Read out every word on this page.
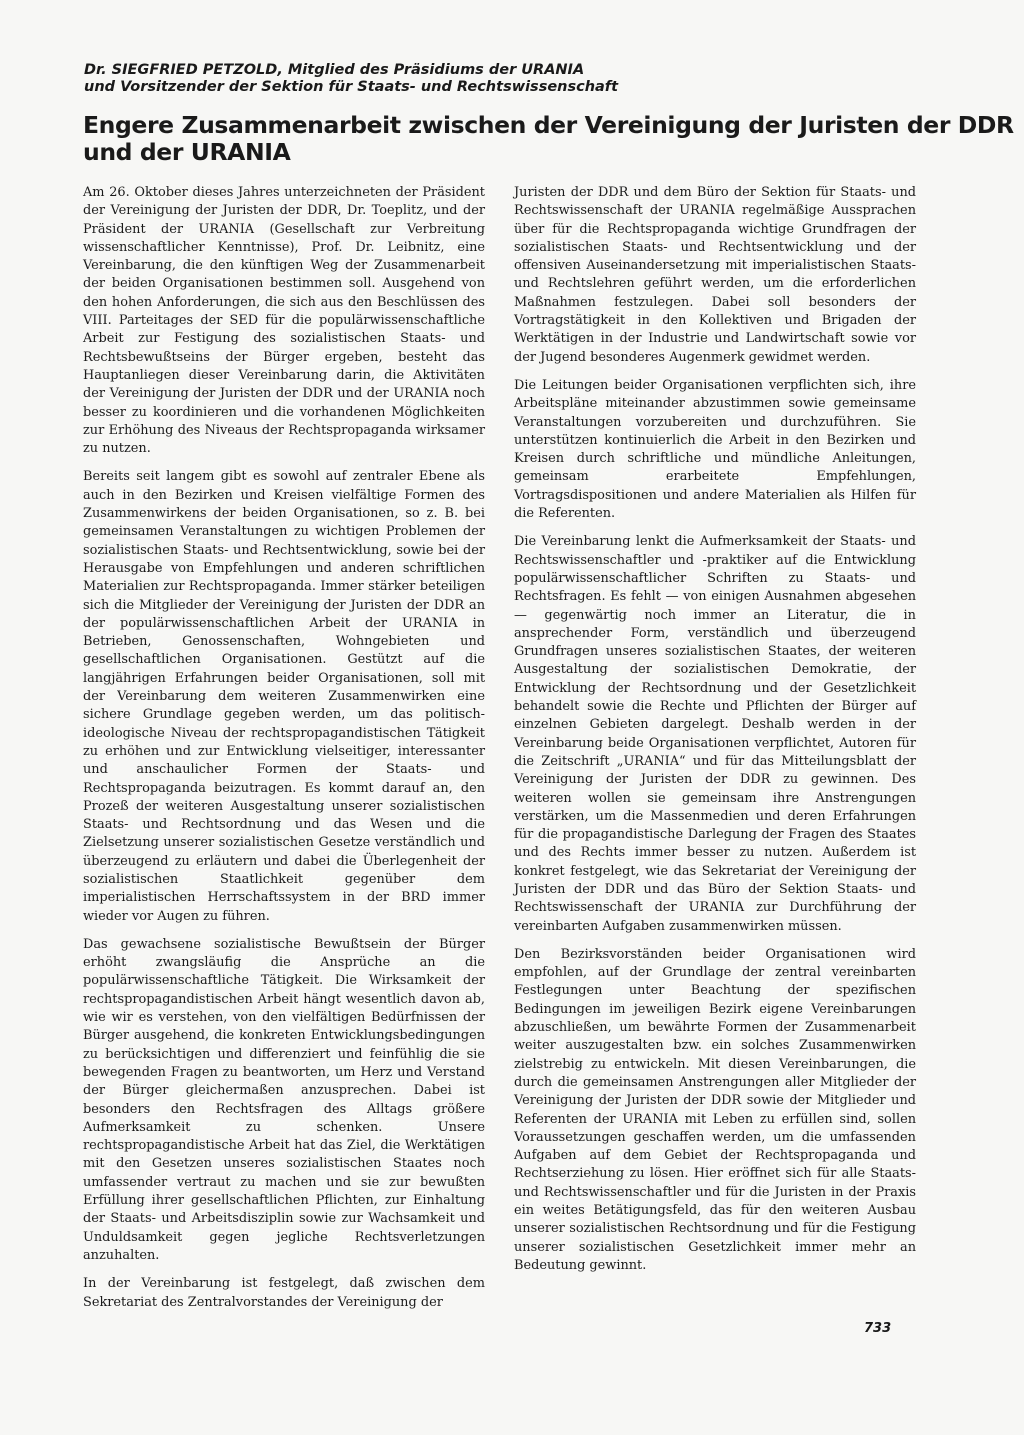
Dr. SIEGFRIED PETZOLD, Mitglied des Präsidiums der URANIA
und Vorsitzender der Sektion für Staats- und Rechtswissenschaft
Engere Zusammenarbeit zwischen der Vereinigung der Juristen der DDR
und der URANIA

Am 26. Oktober dieses Jahres unterzeichneten der Präsident der Vereinigung der Juristen der DDR, Dr. Toeplitz, und der Präsident der URANIA (Gesellschaft zur Verbreitung wissenschaftlicher Kenntnisse), Prof. Dr. Leibnitz, eine Vereinbarung, die den künftigen Weg der Zusammenarbeit der beiden Organisationen bestimmen soll. Ausgehend von den hohen Anforderungen, die sich aus den Beschlüssen des VIII. Parteitages der SED für die populärwissenschaftliche Arbeit zur Festigung des sozialistischen Staats- und Rechtsbewußtseins der Bürger ergeben, besteht das Hauptanliegen dieser Vereinbarung darin, die Aktivitäten der Vereinigung der Juristen der DDR und der URANIA noch besser zu koordinieren und die vorhandenen Möglichkeiten zur Erhöhung des Niveaus der Rechtspropaganda wirksamer zu nutzen.

Bereits seit langem gibt es sowohl auf zentraler Ebene als auch in den Bezirken und Kreisen vielfältige Formen des Zusammenwirkens der beiden Organisationen, so z. B. bei gemeinsamen Veranstaltungen zu wichtigen Problemen der sozialistischen Staats- und Rechtsentwicklung, sowie bei der Herausgabe von Empfehlungen und anderen schriftlichen Materialien zur Rechtspropaganda. Immer stärker beteiligen sich die Mitglieder der Vereinigung der Juristen der DDR an der populärwissenschaftlichen Arbeit der URANIA in Betrieben, Genossenschaften, Wohngebieten und gesellschaftlichen Organisationen. Gestützt auf die langjährigen Erfahrungen beider Organisationen, soll mit der Vereinbarung dem weiteren Zusammenwirken eine sichere Grundlage gegeben werden, um das politisch-ideologische Niveau der rechtspropagandistischen Tätigkeit zu erhöhen und zur Entwicklung vielseitiger, interessanter und anschaulicher Formen der Staats- und Rechtspropaganda beizutragen. Es kommt darauf an, den Prozeß der weiteren Ausgestaltung unserer sozialistischen Staats- und Rechtsordnung und das Wesen und die Zielsetzung unserer sozialistischen Gesetze verständlich und überzeugend zu erläutern und dabei die Überlegenheit der sozialistischen Staatlichkeit gegenüber dem imperialistischen Herrschaftssystem in der BRD immer wieder vor Augen zu führen.

Das gewachsene sozialistische Bewußtsein der Bürger erhöht zwangsläufig die Ansprüche an die populärwissenschaftliche Tätigkeit. Die Wirksamkeit der rechtspropagandistischen Arbeit hängt wesentlich davon ab, wie wir es verstehen, von den vielfältigen Bedürfnissen der Bürger ausgehend, die konkreten Entwicklungsbedingungen zu berücksichtigen und differenziert und feinfühlig die sie bewegenden Fragen zu beantworten, um Herz und Verstand der Bürger gleichermaßen anzusprechen. Dabei ist besonders den Rechtsfragen des Alltags größere Aufmerksamkeit zu schenken. Unsere rechtspropagandistische Arbeit hat das Ziel, die Werktätigen mit den Gesetzen unseres sozialistischen Staates noch umfassender vertraut zu machen und sie zur bewußten Erfüllung ihrer gesellschaftlichen Pflichten, zur Einhaltung der Staats- und Arbeitsdisziplin sowie zur Wachsamkeit und Unduldsamkeit gegen jegliche Rechtsverletzungen anzuhalten.

In der Vereinbarung ist festgelegt, daß zwischen dem Sekretariat des Zentralvorstandes der Vereinigung der

Juristen der DDR und dem Büro der Sektion für Staats- und Rechtswissenschaft der URANIA regelmäßige Aussprachen über für die Rechtspropaganda wichtige Grundfragen der sozialistischen Staats- und Rechtsentwicklung und der offensiven Auseinandersetzung mit imperialistischen Staats- und Rechtslehren geführt werden, um die erforderlichen Maßnahmen festzulegen. Dabei soll besonders der Vortragstätigkeit in den Kollektiven und Brigaden der Werktätigen in der Industrie und Landwirtschaft sowie vor der Jugend besonderes Augenmerk gewidmet werden.

Die Leitungen beider Organisationen verpflichten sich, ihre Arbeitspläne miteinander abzustimmen sowie gemeinsame Veranstaltungen vorzubereiten und durchzuführen. Sie unterstützen kontinuierlich die Arbeit in den Bezirken und Kreisen durch schriftliche und mündliche Anleitungen, gemeinsam erarbeitete Empfehlungen, Vortragsdispositionen und andere Materialien als Hilfen für die Referenten.

Die Vereinbarung lenkt die Aufmerksamkeit der Staats- und Rechtswissenschaftler und -praktiker auf die Entwicklung populärwissenschaftlicher Schriften zu Staats- und Rechtsfragen. Es fehlt — von einigen Ausnahmen abgesehen — gegenwärtig noch immer an Literatur, die in ansprechender Form, verständlich und überzeugend Grundfragen unseres sozialistischen Staates, der weiteren Ausgestaltung der sozialistischen Demokratie, der Entwicklung der Rechtsordnung und der Gesetzlichkeit behandelt sowie die Rechte und Pflichten der Bürger auf einzelnen Gebieten dargelegt. Deshalb werden in der Vereinbarung beide Organisationen verpflichtet, Autoren für die Zeitschrift „URANIA“ und für das Mitteilungsblatt der Vereinigung der Juristen der DDR zu gewinnen. Des weiteren wollen sie gemeinsam ihre Anstrengungen verstärken, um die Massenmedien und deren Erfahrungen für die propagandistische Darlegung der Fragen des Staates und des Rechts immer besser zu nutzen. Außerdem ist konkret festgelegt, wie das Sekretariat der Vereinigung der Juristen der DDR und das Büro der Sektion Staats- und Rechtswissenschaft der URANIA zur Durchführung der vereinbarten Aufgaben zusammenwirken müssen.

Den Bezirksvorständen beider Organisationen wird empfohlen, auf der Grundlage der zentral vereinbarten Festlegungen unter Beachtung der spezifischen Bedingungen im jeweiligen Bezirk eigene Vereinbarungen abzuschließen, um bewährte Formen der Zusammenarbeit weiter auszugestalten bzw. ein solches Zusammenwirken zielstrebig zu entwickeln. Mit diesen Vereinbarungen, die durch die gemeinsamen Anstrengungen aller Mitglieder der Vereinigung der Juristen der DDR sowie der Mitglieder und Referenten der URANIA mit Leben zu erfüllen sind, sollen Voraussetzungen geschaffen werden, um die umfassenden Aufgaben auf dem Gebiet der Rechtspropaganda und Rechtserziehung zu lösen. Hier eröffnet sich für alle Staats- und Rechtswissenschaftler und für die Juristen in der Praxis ein weites Betätigungsfeld, das für den weiteren Ausbau unserer sozialistischen Rechtsordnung und für die Festigung unserer sozialistischen Gesetzlichkeit immer mehr an Bedeutung gewinnt.

733
